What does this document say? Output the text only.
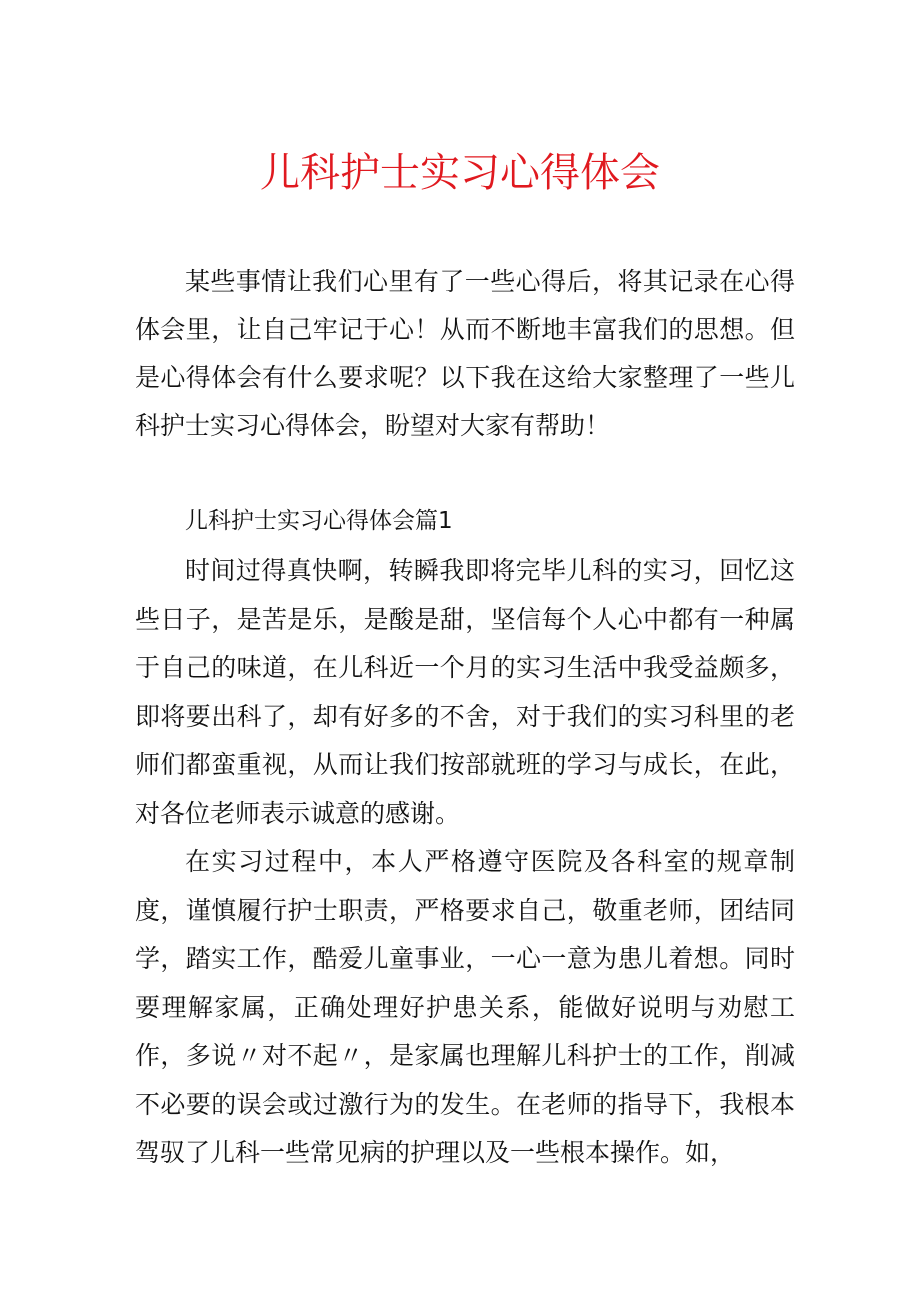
儿科护士实习心得体会

某些事情让我们心里有了一些心得后，将其记录在心得体会里，让自己牢记于心！从而不断地丰富我们的思想。但是心得体会有什么要求呢？以下我在这给大家整理了一些儿科护士实习心得体会，盼望对大家有帮助！

儿科护士实习心得体会篇1

时间过得真快啊，转瞬我即将完毕儿科的实习，回忆这些日子，是苦是乐，是酸是甜，坚信每个人心中都有一种属于自己的味道，在儿科近一个月的实习生活中我受益颇多，即将要出科了，却有好多的不舍，对于我们的实习科里的老师们都蛮重视，从而让我们按部就班的学习与成长，在此，对各位老师表示诚意的感谢。

在实习过程中，本人严格遵守医院及各科室的规章制度，谨慎履行护士职责，严格要求自己，敬重老师，团结同学，踏实工作，酷爱儿童事业，一心一意为患儿着想。同时要理解家属，正确处理好护患关系，能做好说明与劝慰工作，多说〃对不起〃，是家属也理解儿科护士的工作，削减不必要的误会或过激行为的发生。在老师的指导下，我根本驾驭了儿科一些常见病的护理以及一些根本操作。如，
